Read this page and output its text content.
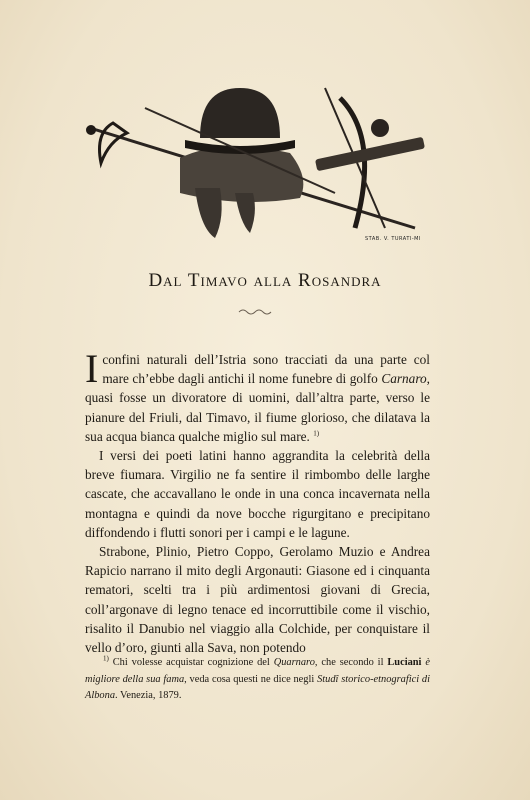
STAB. V. TURATI-MI
Dal Timavo alla Rosandra

I confini naturali dell’Istria sono tracciati da una parte col mare ch’ebbe dagli antichi il nome funebre di golfo Carnaro, quasi fosse un divoratore di uomini, dall’altra parte, verso le pianure del Friuli, dal Timavo, il fiume glorioso, che dilatava la sua acqua bianca qualche miglio sul mare. $^{1)}$

I versi dei poeti latini hanno aggrandita la celebrità della breve fiumara. Virgilio ne fa sentire il rimbombo delle larghe cascate, che accavallano le onde in una conca incavernata nella montagna e quindi da nove bocche rigurgitano e precipitano diffondendo i flutti sonori per i campi e le lagune.

Strabone, Plinio, Pietro Coppo, Gerolamo Muzio e Andrea Rapicio narrano il mito degli Argonauti: Giasone ed i cinquanta rematori, scelti tra i più ardimentosi giovani di Grecia, coll’argonave di legno tenace ed incorruttibile come il vischio, risalito il Danubio nel viaggio alla Colchide, per conquistare il vello d’oro, giunti alla Sava, non potendo

$^{1)}$ Chi volesse acquistar cognizione del Quarnaro, che secondo il Luciani è migliore della sua fama, veda cosa questi ne dice negli Studî storico-etnografici di Albona. Venezia, 1879.
